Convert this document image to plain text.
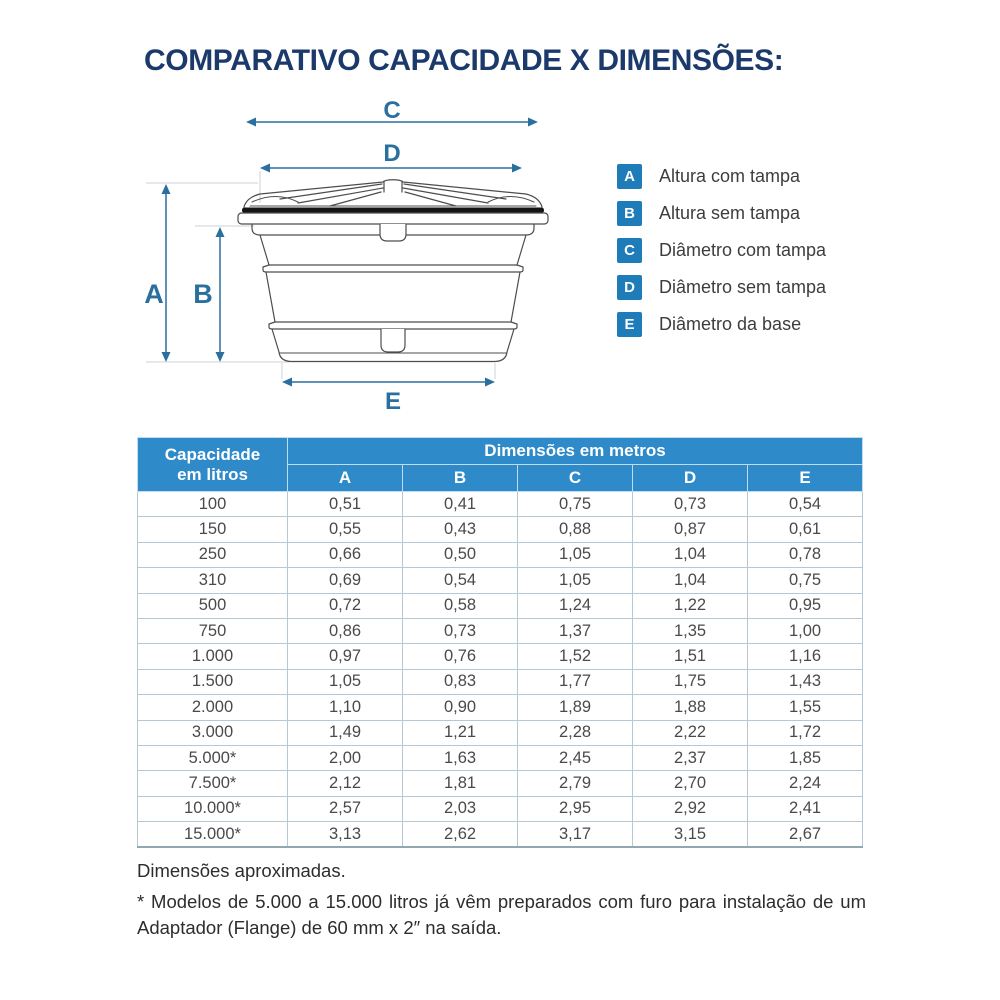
COMPARATIVO CAPACIDADE X DIMENSÕES:
C
D
A B
E
A	Altura com tampa
B	Altura sem tampa
C	Diâmetro com tampa
D	Diâmetro sem tampa
E	Diâmetro da base
Capacidade em litros	Dimensões em metros				
	A	B	C	D	E
100	0,51	0,41	0,75	0,73	0,54
150	0,55	0,43	0,88	0,87	0,61
250	0,66	0,50	1,05	1,04	0,78
310	0,69	0,54	1,05	1,04	0,75
500	0,72	0,58	1,24	1,22	0,95
750	0,86	0,73	1,37	1,35	1,00
1.000	0,97	0,76	1,52	1,51	1,16
1.500	1,05	0,83	1,77	1,75	1,43
2.000	1,10	0,90	1,89	1,88	1,55
3.000	1,49	1,21	2,28	2,22	1,72
5.000*	2,00	1,63	2,45	2,37	1,85
7.500*	2,12	1,81	2,79	2,70	2,24
10.000*	2,57	2,03	2,95	2,92	2,41
15.000*	3,13	2,62	3,17	3,15	2,67

Dimensões aproximadas.

* Modelos de 5.000 a 15.000 litros já vêm preparados com furo para instalação de um Adaptador (Flange) de 60 mm x 2″ na saída.
